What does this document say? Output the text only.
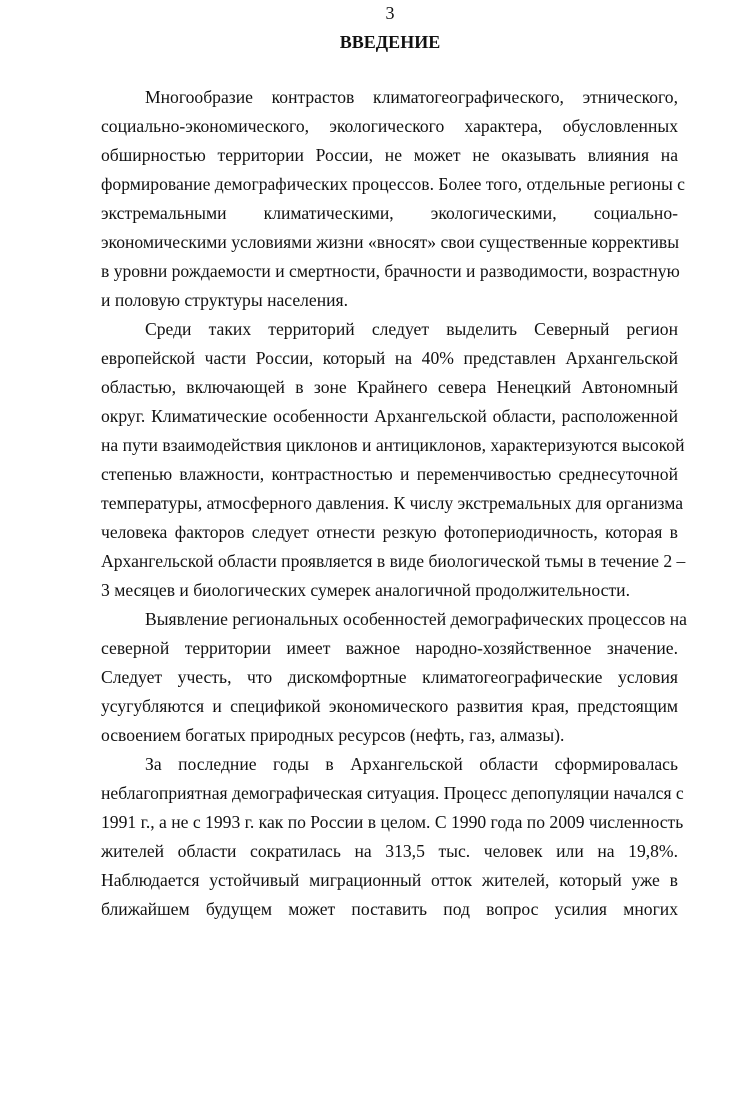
3
ВВЕДЕНИЕ
Многообразие контрастов климатогеографического, этнического,
социально-экономического, экологического характера, обусловленных
обширностью территории России, не может не оказывать влияния на
формирование демографических процессов. Более того, отдельные регионы с
экстремальными климатическими, экологическими, социально-
экономическими условиями жизни «вносят» свои существенные коррективы
в уровни рождаемости и смертности, брачности и разводимости, возрастную
и половую структуры населения.
Среди таких территорий следует выделить Северный регион
европейской части России, который на 40% представлен Архангельской
областью, включающей в зоне Крайнего севера Ненецкий Автономный
округ. Климатические особенности Архангельской области, расположенной
на пути взаимодействия циклонов и антициклонов, характеризуются высокой
степенью влажности, контрастностью и переменчивостью среднесуточной
температуры, атмосферного давления. К числу экстремальных для организма
человека факторов следует отнести резкую фотопериодичность, которая в
Архангельской области проявляется в виде биологической тьмы в течение 2 –
3 месяцев и биологических сумерек аналогичной продолжительности.
Выявление региональных особенностей демографических процессов на
северной территории имеет важное народно-хозяйственное значение.
Следует учесть, что дискомфортные климатогеографические условия
усугубляются и спецификой экономического развития края, предстоящим
освоением богатых природных ресурсов (нефть, газ, алмазы).
За последние годы в Архангельской области сформировалась
неблагоприятная демографическая ситуация. Процесс депопуляции начался с
1991 г., а не с 1993 г. как по России в целом. С 1990 года по 2009 численность
жителей области сократилась на 313,5 тыс. человек или на 19,8%.
Наблюдается устойчивый миграционный отток жителей, который уже в
ближайшем будущем может поставить под вопрос усилия многих
